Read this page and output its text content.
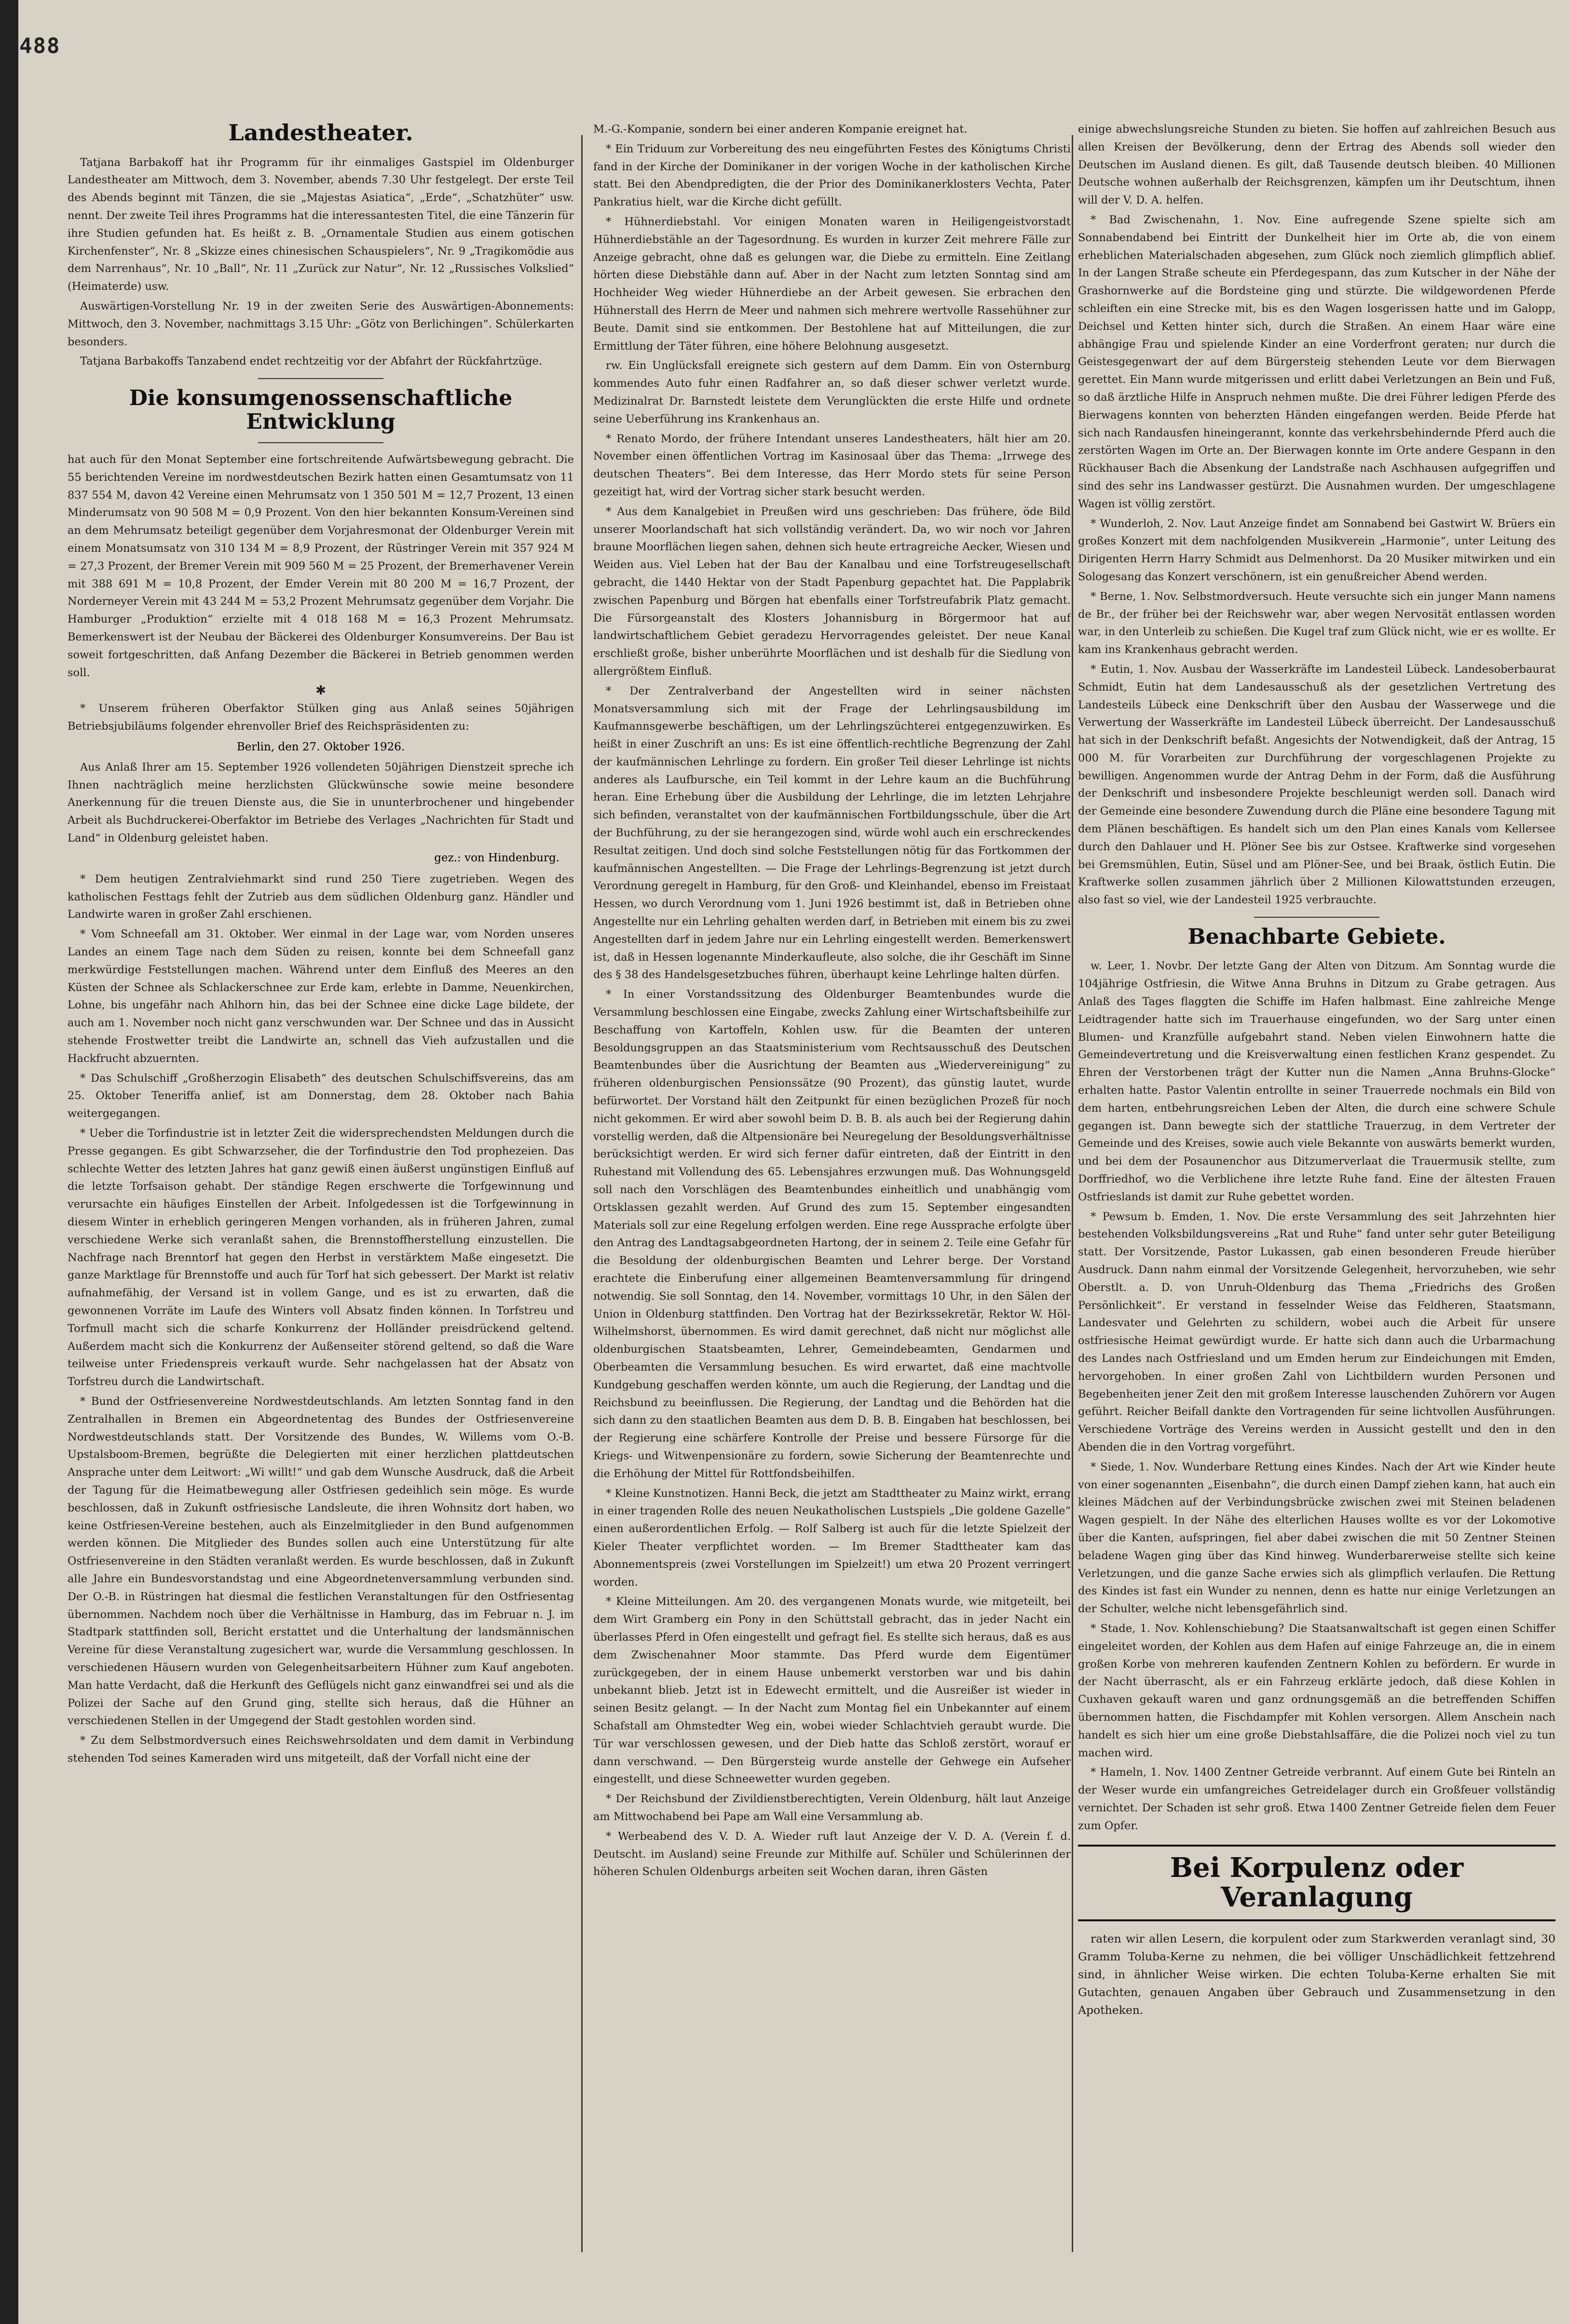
488
Landestheater.

Tatjana Barbakoff hat ihr Programm für ihr einmaliges Gastspiel im Oldenburger Landestheater am Mittwoch, dem 3. November, abends 7.30 Uhr festgelegt. Der erste Teil des Abends beginnt mit Tänzen, die sie „Majestas Asiatica“, „Erde“, „Schatzhüter“ usw. nennt. Der zweite Teil ihres Programms hat die interessantesten Titel, die eine Tänzerin für ihre Studien gefunden hat. Es heißt z. B. „Ornamentale Studien aus einem gotischen Kirchenfenster“, Nr. 8 „Skizze eines chinesischen Schauspielers“, Nr. 9 „Tragikomödie aus dem Narrenhaus“, Nr. 10 „Ball“, Nr. 11 „Zurück zur Natur“, Nr. 12 „Russisches Volkslied“ (Heimaterde) usw.

Auswärtigen-Vorstellung Nr. 19 in der zweiten Serie des Auswärtigen-Abonnements: Mittwoch, den 3. November, nachmittags 3.15 Uhr: „Götz von Berlichingen“. Schülerkarten besonders.

Tatjana Barbakoffs Tanzabend endet rechtzeitig vor der Abfahrt der Rückfahrtzüge.

Die konsumgenossenschaftliche Entwicklung

hat auch für den Monat September eine fortschreitende Aufwärtsbewegung gebracht. Die 55 berichtenden Vereine im nordwestdeutschen Bezirk hatten einen Gesamtumsatz von 11 837 554 M, davon 42 Vereine einen Mehrumsatz von 1 350 501 M = 12,7 Prozent, 13 einen Minderumsatz von 90 508 M = 0,9 Prozent. Von den hier bekannten Konsum-Vereinen sind an dem Mehrumsatz beteiligt gegenüber dem Vorjahresmonat der Oldenburger Verein mit einem Monatsumsatz von 310 134 M = 8,9 Prozent, der Rüstringer Verein mit 357 924 M = 27,3 Prozent, der Bremer Verein mit 909 560 M = 25 Prozent, der Bremerhavener Verein mit 388 691 M = 10,8 Prozent, der Emder Verein mit 80 200 M = 16,7 Prozent, der Norderneyer Verein mit 43 244 M = 53,2 Prozent Mehrumsatz gegenüber dem Vorjahr. Die Hamburger „Produktion“ erzielte mit 4 018 168 M = 16,3 Prozent Mehrumsatz. Bemerkenswert ist der Neubau der Bäckerei des Oldenburger Konsumvereins. Der Bau ist soweit fortgeschritten, daß Anfang Dezember die Bäckerei in Betrieb genommen werden soll.

✱

* Unserem früheren Oberfaktor Stülken ging aus Anlaß seines 50jährigen Betriebsjubiläums folgender ehrenvoller Brief des Reichspräsidenten zu:

Berlin, den 27. Oktober 1926.

Aus Anlaß Ihrer am 15. September 1926 vollendeten 50jährigen Dienstzeit spreche ich Ihnen nachträglich meine herzlichsten Glückwünsche sowie meine besondere Anerkennung für die treuen Dienste aus, die Sie in ununterbrochener und hingebender Arbeit als Buchdruckerei-Oberfaktor im Betriebe des Verlages „Nachrichten für Stadt und Land“ in Oldenburg geleistet haben.

gez.: von Hindenburg.

* Dem heutigen Zentralviehmarkt sind rund 250 Tiere zugetrieben. Wegen des katholischen Festtags fehlt der Zutrieb aus dem südlichen Oldenburg ganz. Händler und Landwirte waren in großer Zahl erschienen.

* Vom Schneefall am 31. Oktober. Wer einmal in der Lage war, vom Norden unseres Landes an einem Tage nach dem Süden zu reisen, konnte bei dem Schneefall ganz merkwürdige Feststellungen machen. Während unter dem Einfluß des Meeres an den Küsten der Schnee als Schlackerschnee zur Erde kam, erlebte in Damme, Neuenkirchen, Lohne, bis ungefähr nach Ahlhorn hin, das bei der Schnee eine dicke Lage bildete, der auch am 1. November noch nicht ganz verschwunden war. Der Schnee und das in Aussicht stehende Frostwetter treibt die Landwirte an, schnell das Vieh aufzustallen und die Hackfrucht abzuernten.

* Das Schulschiff „Großherzogin Elisabeth“ des deutschen Schulschiffsvereins, das am 25. Oktober Teneriffa anlief, ist am Donnerstag, dem 28. Oktober nach Bahia weitergegangen.

* Ueber die Torfindustrie ist in letzter Zeit die widersprechendsten Meldungen durch die Presse gegangen. Es gibt Schwarzseher, die der Torfindustrie den Tod prophezeien. Das schlechte Wetter des letzten Jahres hat ganz gewiß einen äußerst ungünstigen Einfluß auf die letzte Torfsaison gehabt. Der ständige Regen erschwerte die Torfgewinnung und verursachte ein häufiges Einstellen der Arbeit. Infolgedessen ist die Torfgewinnung in diesem Winter in erheblich geringeren Mengen vorhanden, als in früheren Jahren, zumal verschiedene Werke sich veranlaßt sahen, die Brennstoffherstellung einzustellen. Die Nachfrage nach Brenntorf hat gegen den Herbst in verstärktem Maße eingesetzt. Die ganze Marktlage für Brennstoffe und auch für Torf hat sich gebessert. Der Markt ist relativ aufnahmefähig, der Versand ist in vollem Gange, und es ist zu erwarten, daß die gewonnenen Vorräte im Laufe des Winters voll Absatz finden können. In Torfstreu und Torfmull macht sich die scharfe Konkurrenz der Holländer preisdrückend geltend. Außerdem macht sich die Konkurrenz der Außenseiter störend geltend, so daß die Ware teilweise unter Friedenspreis verkauft wurde. Sehr nachgelassen hat der Absatz von Torfstreu durch die Landwirtschaft.

* Bund der Ostfriesenvereine Nordwestdeutschlands. Am letzten Sonntag fand in den Zentralhallen in Bremen ein Abgeordnetentag des Bundes der Ostfriesenvereine Nordwestdeutschlands statt. Der Vorsitzende des Bundes, W. Willems vom O.-B. Upstalsboom-Bremen, begrüßte die Delegierten mit einer herzlichen plattdeutschen Ansprache unter dem Leitwort: „Wi willt!“ und gab dem Wunsche Ausdruck, daß die Arbeit der Tagung für die Heimatbewegung aller Ostfriesen gedeihlich sein möge. Es wurde beschlossen, daß in Zukunft ostfriesische Landsleute, die ihren Wohnsitz dort haben, wo keine Ostfriesen-Vereine bestehen, auch als Einzelmitglieder in den Bund aufgenommen werden können. Die Mitglieder des Bundes sollen auch eine Unterstützung für alte Ostfriesenvereine in den Städten veranlaßt werden. Es wurde beschlossen, daß in Zukunft alle Jahre ein Bundesvorstandstag und eine Abgeordnetenversammlung verbunden sind. Der O.-B. in Rüstringen hat diesmal die festlichen Veranstaltungen für den Ostfriesentag übernommen. Nachdem noch über die Verhältnisse in Hamburg, das im Februar n. J. im Stadtpark stattfinden soll, Bericht erstattet und die Unterhaltung der landsmännischen Vereine für diese Veranstaltung zugesichert war, wurde die Versammlung geschlossen. In verschiedenen Häusern wurden von Gelegenheitsarbeitern Hühner zum Kauf angeboten. Man hatte Verdacht, daß die Herkunft des Geflügels nicht ganz einwandfrei sei und als die Polizei der Sache auf den Grund ging, stellte sich heraus, daß die Hühner an verschiedenen Stellen in der Umgegend der Stadt gestohlen worden sind.

* Zu dem Selbstmordversuch eines Reichswehrsoldaten und dem damit in Verbindung stehenden Tod seines Kameraden wird uns mitgeteilt, daß der Vorfall nicht eine der

M.-G.-Kompanie, sondern bei einer anderen Kompanie ereignet hat.

* Ein Triduum zur Vorbereitung des neu eingeführten Festes des Königtums Christi fand in der Kirche der Dominikaner in der vorigen Woche in der katholischen Kirche statt. Bei den Abendpredigten, die der Prior des Dominikanerklosters Vechta, Pater Pankratius hielt, war die Kirche dicht gefüllt.

* Hühnerdiebstahl. Vor einigen Monaten waren in Heiligengeistvorstadt Hühnerdiebstähle an der Tagesordnung. Es wurden in kurzer Zeit mehrere Fälle zur Anzeige gebracht, ohne daß es gelungen war, die Diebe zu ermitteln. Eine Zeitlang hörten diese Diebstähle dann auf. Aber in der Nacht zum letzten Sonntag sind am Hochheider Weg wieder Hühnerdiebe an der Arbeit gewesen. Sie erbrachen den Hühnerstall des Herrn de Meer und nahmen sich mehrere wertvolle Rassehühner zur Beute. Damit sind sie entkommen. Der Bestohlene hat auf Mitteilungen, die zur Ermittlung der Täter führen, eine höhere Belohnung ausgesetzt.

rw. Ein Unglücksfall ereignete sich gestern auf dem Damm. Ein von Osternburg kommendes Auto fuhr einen Radfahrer an, so daß dieser schwer verletzt wurde. Medizinalrat Dr. Barnstedt leistete dem Verunglückten die erste Hilfe und ordnete seine Ueberführung ins Krankenhaus an.

* Renato Mordo, der frühere Intendant unseres Landestheaters, hält hier am 20. November einen öffentlichen Vortrag im Kasinosaal über das Thema: „Irrwege des deutschen Theaters“. Bei dem Interesse, das Herr Mordo stets für seine Person gezeitigt hat, wird der Vortrag sicher stark besucht werden.

* Aus dem Kanalgebiet in Preußen wird uns geschrieben: Das frühere, öde Bild unserer Moorlandschaft hat sich vollständig verändert. Da, wo wir noch vor Jahren braune Moorflächen liegen sahen, dehnen sich heute ertragreiche Aecker, Wiesen und Weiden aus. Viel Leben hat der Bau der Kanalbau und eine Torfstreugesellschaft gebracht, die 1440 Hektar von der Stadt Papenburg gepachtet hat. Die Papplabrik zwischen Papenburg und Börgen hat ebenfalls einer Torfstreufabrik Platz gemacht. Die Fürsorgeanstalt des Klosters Johannisburg in Börgermoor hat auf landwirtschaftlichem Gebiet geradezu Hervorragendes geleistet. Der neue Kanal erschließt große, bisher unberührte Moorflächen und ist deshalb für die Siedlung von allergrößtem Einfluß.

* Der Zentralverband der Angestellten wird in seiner nächsten Monatsversammlung sich mit der Frage der Lehrlingsausbildung im Kaufmannsgewerbe beschäftigen, um der Lehrlingszüchterei entgegenzuwirken. Es heißt in einer Zuschrift an uns: Es ist eine öffentlich-rechtliche Begrenzung der Zahl der kaufmännischen Lehrlinge zu fordern. Ein großer Teil dieser Lehrlinge ist nichts anderes als Laufbursche, ein Teil kommt in der Lehre kaum an die Buchführung heran. Eine Erhebung über die Ausbildung der Lehrlinge, die im letzten Lehrjahre sich befinden, veranstaltet von der kaufmännischen Fortbildungsschule, über die Art der Buchführung, zu der sie herangezogen sind, würde wohl auch ein erschreckendes Resultat zeitigen. Und doch sind solche Feststellungen nötig für das Fortkommen der kaufmännischen Angestellten. — Die Frage der Lehrlings-Begrenzung ist jetzt durch Verordnung geregelt in Hamburg, für den Groß- und Kleinhandel, ebenso im Freistaat Hessen, wo durch Verordnung vom 1. Juni 1926 bestimmt ist, daß in Betrieben ohne Angestellte nur ein Lehrling gehalten werden darf, in Betrieben mit einem bis zu zwei Angestellten darf in jedem Jahre nur ein Lehrling eingestellt werden. Bemerkenswert ist, daß in Hessen logenannte Minderkaufleute, also solche, die ihr Geschäft im Sinne des § 38 des Handelsgesetzbuches führen, überhaupt keine Lehrlinge halten dürfen.

* In einer Vorstandssitzung des Oldenburger Beamtenbundes wurde die Versammlung beschlossen eine Eingabe, zwecks Zahlung einer Wirtschaftsbeihilfe zur Beschaffung von Kartoffeln, Kohlen usw. für die Beamten der unteren Besoldungsgruppen an das Staatsministerium vom Rechtsausschuß des Deutschen Beamtenbundes über die Ausrichtung der Beamten aus „Wiedervereinigung“ zu früheren oldenburgischen Pensionssätze (90 Prozent), das günstig lautet, wurde befürwortet. Der Vorstand hält den Zeitpunkt für einen bezüglichen Prozeß für noch nicht gekommen. Er wird aber sowohl beim D. B. B. als auch bei der Regierung dahin vorstellig werden, daß die Altpensionäre bei Neuregelung der Besoldungsverhältnisse berücksichtigt werden. Er wird sich ferner dafür eintreten, daß der Eintritt in den Ruhestand mit Vollendung des 65. Lebensjahres erzwungen muß. Das Wohnungsgeld soll nach den Vorschlägen des Beamtenbundes einheitlich und unabhängig vom Ortsklassen gezahlt werden. Auf Grund des zum 15. September eingesandten Materials soll zur eine Regelung erfolgen werden. Eine rege Aussprache erfolgte über den Antrag des Landtagsabgeordneten Hartong, der in seinem 2. Teile eine Gefahr für die Besoldung der oldenburgischen Beamten und Lehrer berge. Der Vorstand erachtete die Einberufung einer allgemeinen Beamtenversammlung für dringend notwendig. Sie soll Sonntag, den 14. November, vormittags 10 Uhr, in den Sälen der Union in Oldenburg stattfinden. Den Vortrag hat der Bezirkssekretär, Rektor W. Höl-Wilhelmshorst, übernommen. Es wird damit gerechnet, daß nicht nur möglichst alle oldenburgischen Staatsbeamten, Lehrer, Gemeindebeamten, Gendarmen und Oberbeamten die Versammlung besuchen. Es wird erwartet, daß eine machtvolle Kundgebung geschaffen werden könnte, um auch die Regierung, der Landtag und die Reichsbund zu beeinflussen. Die Regierung, der Landtag und die Behörden hat die sich dann zu den staatlichen Beamten aus dem D. B. B. Eingaben hat beschlossen, bei der Regierung eine schärfere Kontrolle der Preise und bessere Fürsorge für die Kriegs- und Witwenpensionäre zu fordern, sowie Sicherung der Beamtenrechte und die Erhöhung der Mittel für Rottfondsbeihilfen.

* Kleine Kunstnotizen. Hanni Beck, die jetzt am Stadttheater zu Mainz wirkt, errang in einer tragenden Rolle des neuen Neukatholischen Lustspiels „Die goldene Gazelle“ einen außerordentlichen Erfolg. — Rolf Salberg ist auch für die letzte Spielzeit der Kieler Theater verpflichtet worden. — Im Bremer Stadttheater kam das Abonnementspreis (zwei Vorstellungen im Spielzeit!) um etwa 20 Prozent verringert worden.

* Kleine Mitteilungen. Am 20. des vergangenen Monats wurde, wie mitgeteilt, bei dem Wirt Gramberg ein Pony in den Schüttstall gebracht, das in jeder Nacht ein überlasses Pferd in Ofen eingestellt und gefragt fiel. Es stellte sich heraus, daß es aus dem Zwischenahner Moor stammte. Das Pferd wurde dem Eigentümer zurückgegeben, der in einem Hause unbemerkt verstorben war und bis dahin unbekannt blieb. Jetzt ist in Edewecht ermittelt, und die Ausreißer ist wieder in seinen Besitz gelangt. — In der Nacht zum Montag fiel ein Unbekannter auf einem Schafstall am Ohmstedter Weg ein, wobei wieder Schlachtvieh geraubt wurde. Die Tür war verschlossen gewesen, und der Dieb hatte das Schloß zerstört, worauf er dann verschwand. — Den Bürgersteig wurde anstelle der Gehwege ein Aufseher eingestellt, und diese Schneewetter wurden gegeben.

* Der Reichsbund der Zivildienstberechtigten, Verein Oldenburg, hält laut Anzeige am Mittwochabend bei Pape am Wall eine Versammlung ab.

* Werbeabend des V. D. A. Wieder ruft laut Anzeige der V. D. A. (Verein f. d. Deutscht. im Ausland) seine Freunde zur Mithilfe auf. Schüler und Schülerinnen der höheren Schulen Oldenburgs arbeiten seit Wochen daran, ihren Gästen

einige abwechslungsreiche Stunden zu bieten. Sie hoffen auf zahlreichen Besuch aus allen Kreisen der Bevölkerung, denn der Ertrag des Abends soll wieder den Deutschen im Ausland dienen. Es gilt, daß Tausende deutsch bleiben. 40 Millionen Deutsche wohnen außerhalb der Reichsgrenzen, kämpfen um ihr Deutschtum, ihnen will der V. D. A. helfen.

* Bad Zwischenahn, 1. Nov. Eine aufregende Szene spielte sich am Sonnabendabend bei Eintritt der Dunkelheit hier im Orte ab, die von einem erheblichen Materialschaden abgesehen, zum Glück noch ziemlich glimpflich ablief. In der Langen Straße scheute ein Pferdegespann, das zum Kutscher in der Nähe der Grashornwerke auf die Bordsteine ging und stürzte. Die wildgewordenen Pferde schleiften ein eine Strecke mit, bis es den Wagen losgerissen hatte und im Galopp, Deichsel und Ketten hinter sich, durch die Straßen. An einem Haar wäre eine abhängige Frau und spielende Kinder an eine Vorderfront geraten; nur durch die Geistesgegenwart der auf dem Bürgersteig stehenden Leute vor dem Bierwagen gerettet. Ein Mann wurde mitgerissen und erlitt dabei Verletzungen an Bein und Fuß, so daß ärztliche Hilfe in Anspruch nehmen mußte. Die drei Führer ledigen Pferde des Bierwagens konnten von beherzten Händen eingefangen werden. Beide Pferde hat sich nach Randausfen hineingerannt, konnte das verkehrsbehindernde Pferd auch die zerstörten Wagen im Orte an. Der Bierwagen konnte im Orte andere Gespann in den Rückhauser Bach die Absenkung der Landstraße nach Aschhausen aufgegriffen und sind des sehr ins Landwasser gestürzt. Die Ausnahmen wurden. Der umgeschlagene Wagen ist völlig zerstört.

* Wunderloh, 2. Nov. Laut Anzeige findet am Sonnabend bei Gastwirt W. Brüers ein großes Konzert mit dem nachfolgenden Musikverein „Harmonie“, unter Leitung des Dirigenten Herrn Harry Schmidt aus Delmenhorst. Da 20 Musiker mitwirken und ein Sologesang das Konzert verschönern, ist ein genußreicher Abend werden.

* Berne, 1. Nov. Selbstmordversuch. Heute versuchte sich ein junger Mann namens de Br., der früher bei der Reichswehr war, aber wegen Nervosität entlassen worden war, in den Unterleib zu schießen. Die Kugel traf zum Glück nicht, wie er es wollte. Er kam ins Krankenhaus gebracht werden.

* Eutin, 1. Nov. Ausbau der Wasserkräfte im Landesteil Lübeck. Landesoberbaurat Schmidt, Eutin hat dem Landesausschuß als der gesetzlichen Vertretung des Landesteils Lübeck eine Denkschrift über den Ausbau der Wasserwege und die Verwertung der Wasserkräfte im Landesteil Lübeck überreicht. Der Landesausschuß hat sich in der Denkschrift befaßt. Angesichts der Notwendigkeit, daß der Antrag, 15 000 M. für Vorarbeiten zur Durchführung der vorgeschlagenen Projekte zu bewilligen. Angenommen wurde der Antrag Dehm in der Form, daß die Ausführung der Denkschrift und insbesondere Projekte beschleunigt werden soll. Danach wird der Gemeinde eine besondere Zuwendung durch die Pläne eine besondere Tagung mit dem Plänen beschäftigen. Es handelt sich um den Plan eines Kanals vom Kellersee durch den Dahlauer und H. Plöner See bis zur Ostsee. Kraftwerke sind vorgesehen bei Gremsmühlen, Eutin, Süsel und am Plöner-See, und bei Braak, östlich Eutin. Die Kraftwerke sollen zusammen jährlich über 2 Millionen Kilowattstunden erzeugen, also fast so viel, wie der Landesteil 1925 verbrauchte.

Benachbarte Gebiete.

w. Leer, 1. Novbr. Der letzte Gang der Alten von Ditzum. Am Sonntag wurde die 104jährige Ostfriesin, die Witwe Anna Bruhns in Ditzum zu Grabe getragen. Aus Anlaß des Tages flaggten die Schiffe im Hafen halbmast. Eine zahlreiche Menge Leidtragender hatte sich im Trauerhause eingefunden, wo der Sarg unter einen Blumen- und Kranzfülle aufgebahrt stand. Neben vielen Einwohnern hatte die Gemeindevertretung und die Kreisverwaltung einen festlichen Kranz gespendet. Zu Ehren der Verstorbenen trägt der Kutter nun die Namen „Anna Bruhns-Glocke“ erhalten hatte. Pastor Valentin entrollte in seiner Trauerrede nochmals ein Bild von dem harten, entbehrungsreichen Leben der Alten, die durch eine schwere Schule gegangen ist. Dann bewegte sich der stattliche Trauerzug, in dem Vertreter der Gemeinde und des Kreises, sowie auch viele Bekannte von auswärts bemerkt wurden, und bei dem der Posaunenchor aus Ditzumerverlaat die Trauermusik stellte, zum Dorffriedhof, wo die Verblichene ihre letzte Ruhe fand. Eine der ältesten Frauen Ostfrieslands ist damit zur Ruhe gebettet worden.

* Pewsum b. Emden, 1. Nov. Die erste Versammlung des seit Jahrzehnten hier bestehenden Volksbildungsvereins „Rat und Ruhe“ fand unter sehr guter Beteiligung statt. Der Vorsitzende, Pastor Lukassen, gab einen besonderen Freude hierüber Ausdruck. Dann nahm einmal der Vorsitzende Gelegenheit, hervorzuheben, wie sehr Oberstlt. a. D. von Unruh-Oldenburg das Thema „Friedrichs des Großen Persönlichkeit“. Er verstand in fesselnder Weise das Feldheren, Staatsmann, Landesvater und Gelehrten zu schildern, wobei auch die Arbeit für unsere ostfriesische Heimat gewürdigt wurde. Er hatte sich dann auch die Urbarmachung des Landes nach Ostfriesland und um Emden herum zur Eindeichungen mit Emden, hervorgehoben. In einer großen Zahl von Lichtbildern wurden Personen und Begebenheiten jener Zeit den mit großem Interesse lauschenden Zuhörern vor Augen geführt. Reicher Beifall dankte den Vortragenden für seine lichtvollen Ausführungen. Verschiedene Vorträge des Vereins werden in Aussicht gestellt und den in den Abenden die in den Vortrag vorgeführt.

* Siede, 1. Nov. Wunderbare Rettung eines Kindes. Nach der Art wie Kinder heute von einer sogenannten „Eisenbahn“, die durch einen Dampf ziehen kann, hat auch ein kleines Mädchen auf der Verbindungsbrücke zwischen zwei mit Steinen beladenen Wagen gespielt. In der Nähe des elterlichen Hauses wollte es vor der Lokomotive über die Kanten, aufspringen, fiel aber dabei zwischen die mit 50 Zentner Steinen beladene Wagen ging über das Kind hinweg. Wunderbarerweise stellte sich keine Verletzungen, und die ganze Sache erwies sich als glimpflich verlaufen. Die Rettung des Kindes ist fast ein Wunder zu nennen, denn es hatte nur einige Verletzungen an der Schulter, welche nicht lebensgefährlich sind.

* Stade, 1. Nov. Kohlenschiebung? Die Staatsanwaltschaft ist gegen einen Schiffer eingeleitet worden, der Kohlen aus dem Hafen auf einige Fahrzeuge an, die in einem großen Korbe von mehreren kaufenden Zentnern Kohlen zu befördern. Er wurde in der Nacht überrascht, als er ein Fahrzeug erklärte jedoch, daß diese Kohlen in Cuxhaven gekauft waren und ganz ordnungsgemäß an die betreffenden Schiffen übernommen hatten, die Fischdampfer mit Kohlen versorgen. Allem Anschein nach handelt es sich hier um eine große Diebstahlsaffäre, die die Polizei noch viel zu tun machen wird.

* Hameln, 1. Nov. 1400 Zentner Getreide verbrannt. Auf einem Gute bei Rinteln an der Weser wurde ein umfangreiches Getreidelager durch ein Großfeuer vollständig vernichtet. Der Schaden ist sehr groß. Etwa 1400 Zentner Getreide fielen dem Feuer zum Opfer.

Bei Korpulenz oder Veranlagung

raten wir allen Lesern, die korpulent oder zum Starkwerden veranlagt sind, 30 Gramm Toluba-Kerne zu nehmen, die bei völliger Unschädlichkeit fettzehrend sind, in ähnlicher Weise wirken. Die echten Toluba-Kerne erhalten Sie mit Gutachten, genauen Angaben über Gebrauch und Zusammensetzung in den Apotheken.
